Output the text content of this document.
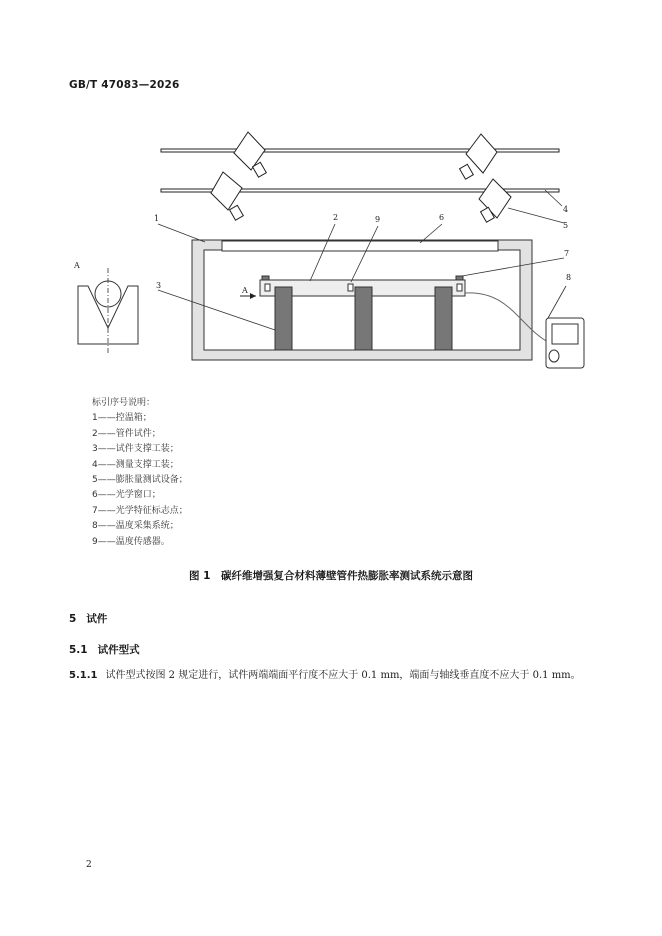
GB/T 47083—2026
A
A
1	2	9	6
7
8
3
4
5
标引序号说明：
1——控温箱；
2——管件试件；
3——试件支撑工装；
4——测量支撑工装；
5——膨胀量测试设备；
6——光学窗口；
7——光学特征标志点；
8——温度采集系统；
9——温度传感器。
图 1　碳纤维增强复合材料薄壁管件热膨胀率测试系统示意图
5 试件
5.1 试件型式
5.1.1 试件型式按图 2 规定进行，试件两端端面平行度不应大于 0.1 mm，端面与轴线垂直度不应大于 0.1 mm。
2
